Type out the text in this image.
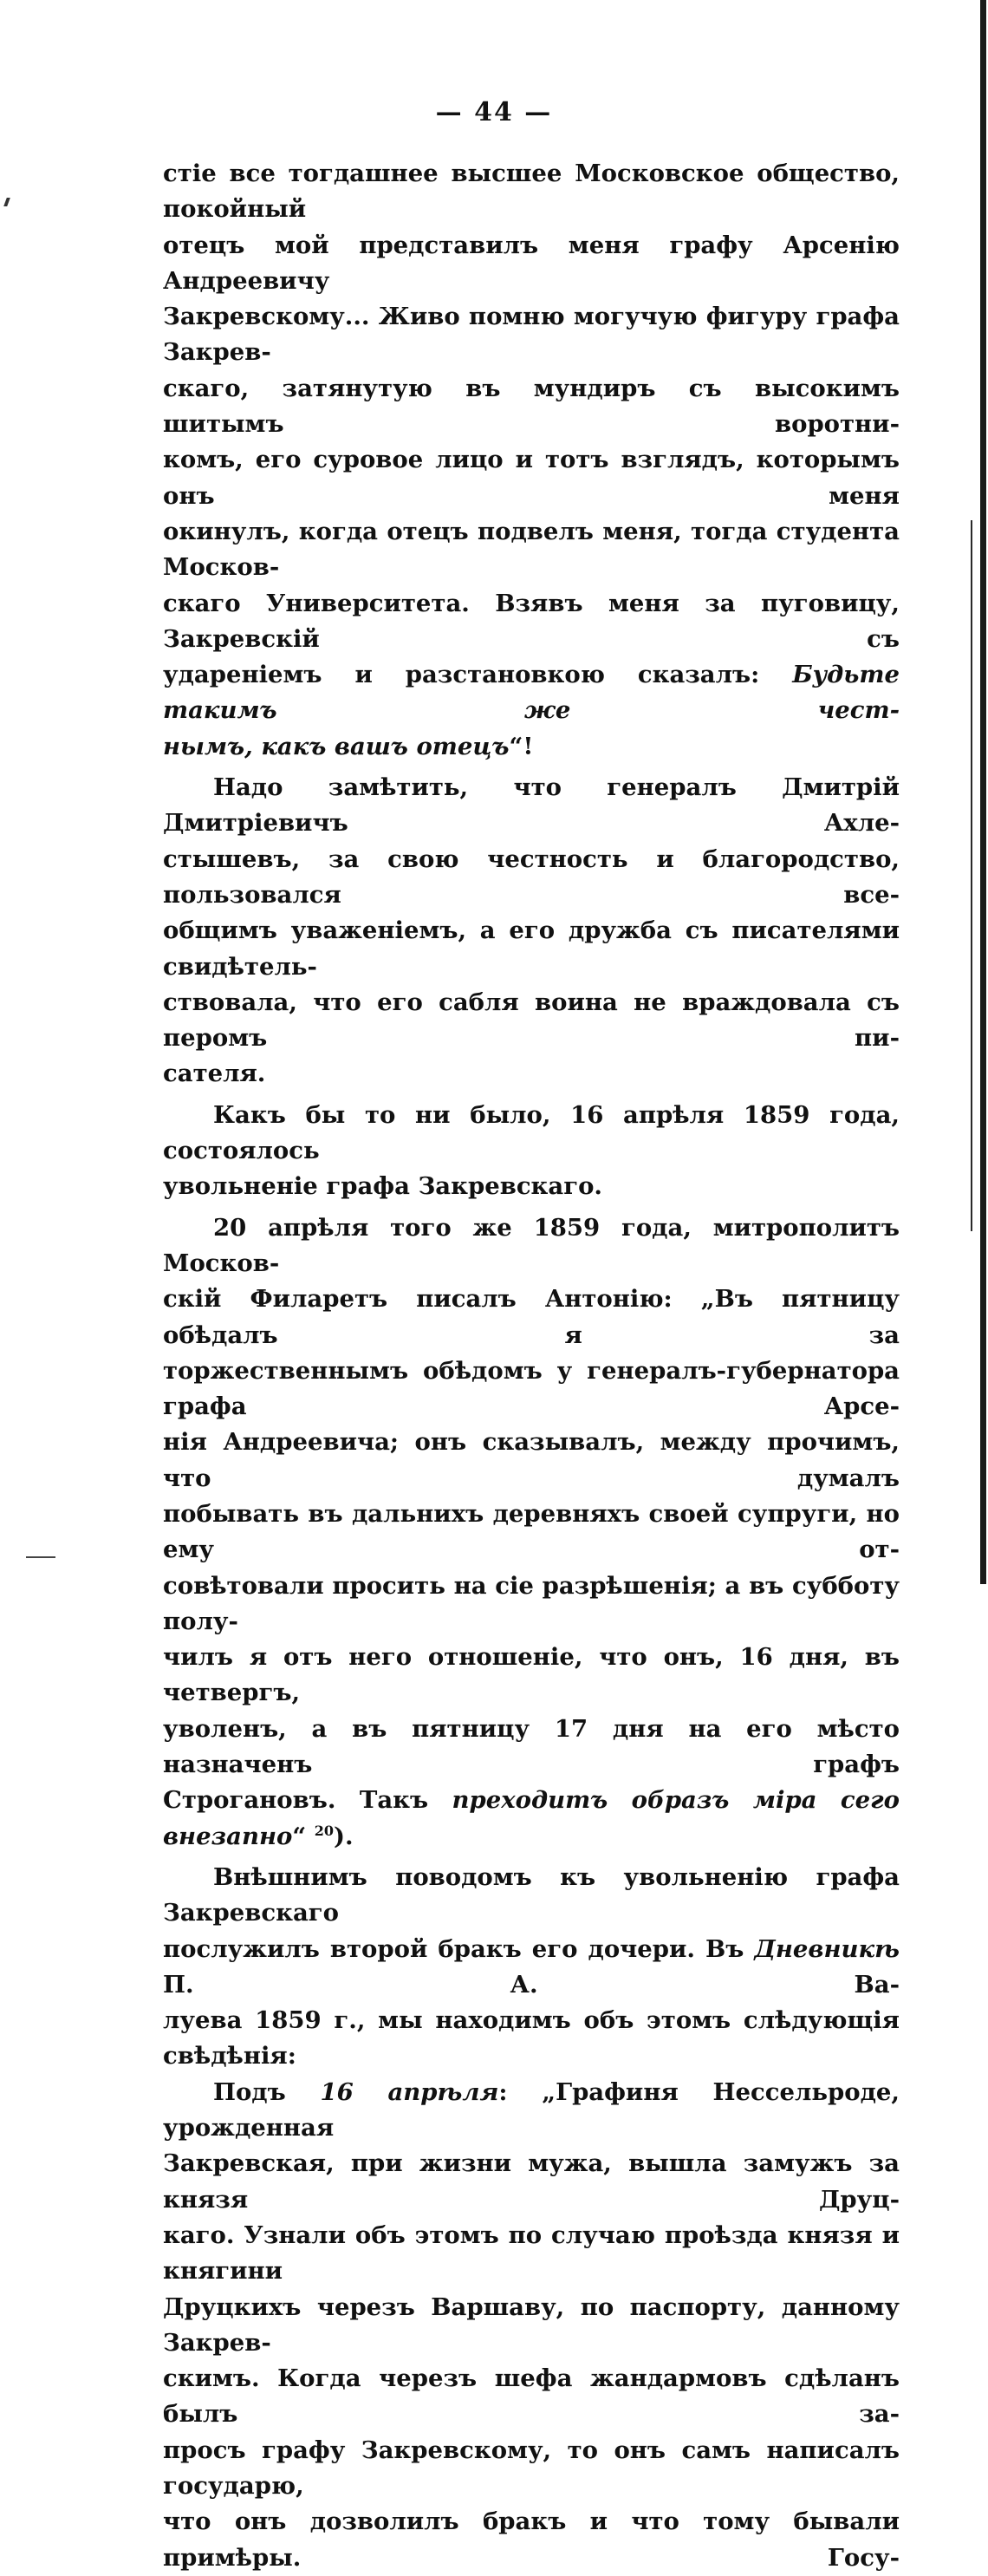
— 44 —
стіе все тогдашнее высшее Московское общество, покойный
отецъ мой представилъ меня графу Арсенію Андреевичу
Закревскому... Живо помню могучую фигуру графа Закрев-
скаго, затянутую въ мундиръ съ высокимъ шитымъ воротни-
комъ, его суровое лицо и тотъ взглядъ, которымъ онъ меня
окинулъ, когда отецъ подвелъ меня, тогда студента Москов-
скаго Университета. Взявъ меня за пуговицу, Закревскій съ
удареніемъ и разстановкою сказалъ: Будьте такимъ же чест-
нымъ, какъ вашъ отецъ“!
Надо замѣтить, что генералъ Дмитрій Дмитріевичъ Ахле-
стышевъ, за свою честность и благородство, пользовался все-
общимъ уваженіемъ, а его дружба съ писателями свидѣтель-
ствовала, что его сабля воина не враждовала съ перомъ пи-
сателя.
Какъ бы то ни было, 16 апрѣля 1859 года, состоялось
увольненіе графа Закревскаго.
20 апрѣля того же 1859 года, митрополитъ Москов-
скій Филаретъ писалъ Антонію: „Въ пятницу обѣдалъ я за
торжественнымъ обѣдомъ у генералъ-губернатора графа Арсе-
нія Андреевича; онъ сказывалъ, между прочимъ, что думалъ
побывать въ дальнихъ деревняхъ своей супруги, но ему от-
совѣтовали просить на сіе разрѣшенія; а въ субботу полу-
чилъ я отъ него отношеніе, что онъ, 16 дня, въ четвергъ,
уволенъ, а въ пятницу 17 дня на его мѣсто назначенъ графъ
Строгановъ. Такъ преходитъ образъ міра сего внезапно“ $^{20}$).
Внѣшнимъ поводомъ къ увольненію графа Закревскаго
послужилъ второй бракъ его дочери. Въ Дневникѣ П. А. Ва-
луева 1859 г., мы находимъ объ этомъ слѣдующія свѣдѣнія:
Подъ 16 апрѣля: „Графиня Нессельроде, урожденная
Закревская, при жизни мужа, вышла замужъ за князя Друц-
каго. Узнали объ этомъ по случаю проѣзда князя и княгини
Друцкихъ черезъ Варшаву, по паспорту, данному Закрев-
скимъ. Когда черезъ шефа жандармовъ сдѣланъ былъ за-
просъ графу Закревскому, то онъ самъ написалъ государю,
что онъ дозволилъ бракъ и что тому бывали примѣры. Госу-
